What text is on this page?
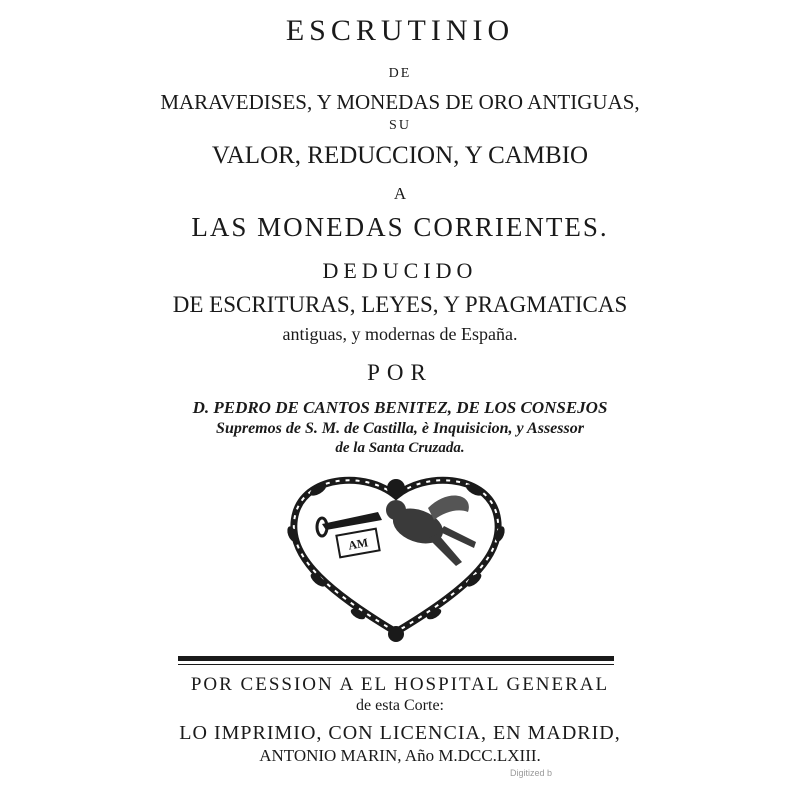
ESCRUTINIO
DE
MARAVEDISES, Y MONEDAS DE ORO ANTIGUAS,
SU
VALOR, REDUCCION, Y CAMBIO
A
LAS MONEDAS CORRIENTES.
DEDUCIDO
DE ESCRITURAS, LEYES, Y PRAGMATICAS
antiguas, y modernas de España.
POR
D. PEDRO DE CANTOS BENITEZ, DE LOS CONSEJOS
Supremos de S. M. de Castilla, è Inquisicion, y Assessor
de la Santa Cruzada.
AM
POR CESSION A EL HOSPITAL GENERAL
de esta Corte:
LO IMPRIMIO, CON LICENCIA, EN MADRID,
ANTONIO MARIN, Año M.DCC.LXIII.
Digitized b
